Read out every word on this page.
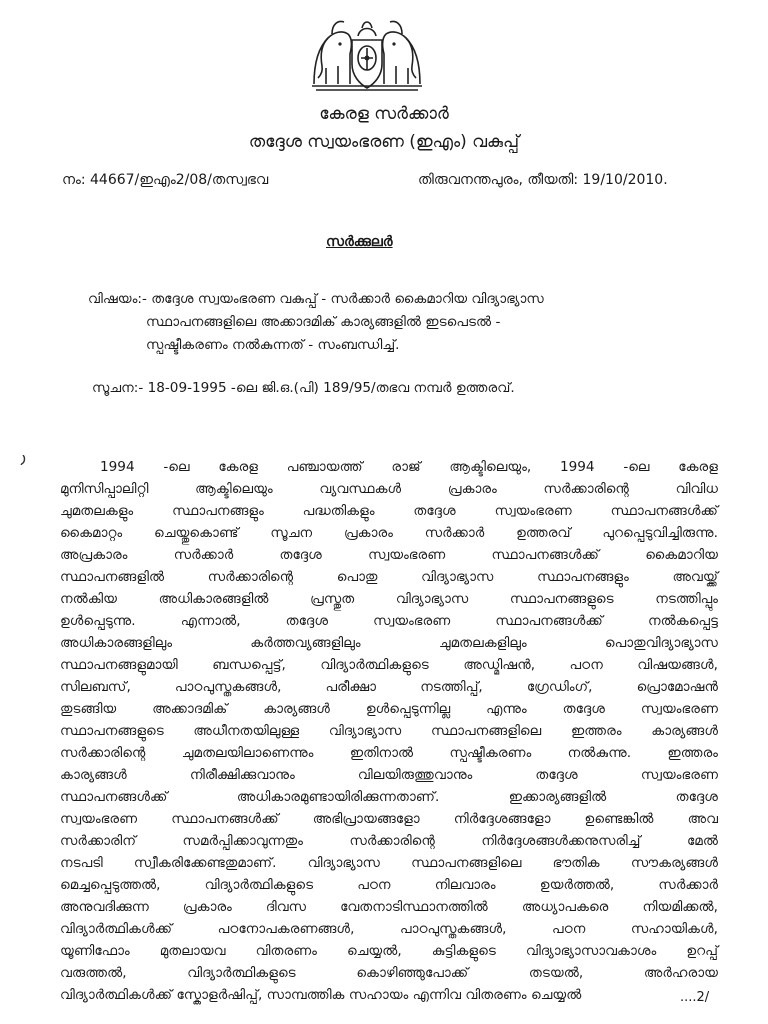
കേരള സർക്കാർ
തദ്ദേശ സ്വയംഭരണ (ഇഎം) വകുപ്പ്
നം: 44667/ഇഎം2/08/തസ്വഭവ	തിരുവനന്തപുരം, തീയതി: 19/10/2010.
സർക്കുലർ
വിഷയം:- തദ്ദേശ സ്വയംഭരണ വകുപ്പ് - സർക്കാർ കൈമാറിയ വിദ്യാഭ്യാസ
സ്ഥാപനങ്ങളിലെ അക്കാദമിക് കാര്യങ്ങളിൽ ഇടപെടൽ -
സ്പഷ്ടീകരണം നൽകുന്നത് - സംബന്ധിച്ച്.
സൂചന:- 18-09-1995 -ലെ ജി.ഒ.(പി) 189/95/തഭവ നമ്പർ ഉത്തരവ്.
1994 -ലെ കേരള പഞ്ചായത്ത് രാജ് ആക്ടിലെയും, 1994 -ലെ കേരള
മുനിസിപ്പാലിറ്റി ആക്ടിലെയും വ്യവസ്ഥകൾ പ്രകാരം സർക്കാരിന്റെ വിവിധ
ചുമതലകളും സ്ഥാപനങ്ങളും പദ്ധതികളും തദ്ദേശ സ്വയംഭരണ സ്ഥാപനങ്ങൾക്ക്
കൈമാറ്റം ചെയ്തുകൊണ്ട് സൂചന പ്രകാരം സർക്കാർ ഉത്തരവ് പുറപ്പെടുവിച്ചിരുന്നു.
അപ്രകാരം സർക്കാർ തദ്ദേശ സ്വയംഭരണ സ്ഥാപനങ്ങൾക്ക് കൈമാറിയ
സ്ഥാപനങ്ങളിൽ സർക്കാരിന്റെ പൊതു വിദ്യാഭ്യാസ സ്ഥാപനങ്ങളും അവയ്ക്ക്
നൽകിയ അധികാരങ്ങളിൽ പ്രസ്തുത വിദ്യാഭ്യാസ സ്ഥാപനങ്ങളുടെ നടത്തിപ്പും
ഉൾപ്പെടുന്നു. എന്നാൽ, തദ്ദേശ സ്വയംഭരണ സ്ഥാപനങ്ങൾക്ക് നൽകപ്പെട്ട
അധികാരങ്ങളിലും കർത്തവ്യങ്ങളിലും ചുമതലകളിലും പൊതുവിദ്യാഭ്യാസ
സ്ഥാപനങ്ങളുമായി ബന്ധപ്പെട്ട്, വിദ്യാർത്ഥികളുടെ അഡ്മിഷൻ, പഠന വിഷയങ്ങൾ,
സിലബസ്, പാഠപുസ്തകങ്ങൾ, പരീക്ഷാ നടത്തിപ്പ്, ഗ്രേഡിംഗ്, പ്രൊമോഷൻ
തുടങ്ങിയ അക്കാദമിക് കാര്യങ്ങൾ ഉൾപ്പെടുന്നില്ല എന്നും തദ്ദേശ സ്വയംഭരണ
സ്ഥാപനങ്ങളുടെ അധീനതയിലുള്ള വിദ്യാഭ്യാസ സ്ഥാപനങ്ങളിലെ ഇത്തരം കാര്യങ്ങൾ
സർക്കാരിന്റെ ചുമതലയിലാണെന്നും ഇതിനാൽ സ്പഷ്ടീകരണം നൽകുന്നു. ഇത്തരം
കാര്യങ്ങൾ നിരീക്ഷിക്കുവാനും വിലയിരുത്തുവാനും തദ്ദേശ സ്വയംഭരണ
സ്ഥാപനങ്ങൾക്ക് അധികാരമുണ്ടായിരിക്കുന്നതാണ്. ഇക്കാര്യങ്ങളിൽ തദ്ദേശ
സ്വയംഭരണ സ്ഥാപനങ്ങൾക്ക് അഭിപ്രായങ്ങളോ നിർദ്ദേശങ്ങളോ ഉണ്ടെങ്കിൽ അവ
സർക്കാരിന് സമർപ്പിക്കാവുന്നതും സർക്കാരിന്റെ നിർദ്ദേശങ്ങൾക്കനുസരിച്ച് മേൽ
നടപടി സ്വീകരിക്കേണ്ടതുമാണ്. വിദ്യാഭ്യാസ സ്ഥാപനങ്ങളിലെ ഭൗതിക സൗകര്യങ്ങൾ
മെച്ചപ്പെടുത്തൽ, വിദ്യാർത്ഥികളുടെ പഠന നിലവാരം ഉയർത്തൽ, സർക്കാർ
അനുവദിക്കുന്ന പ്രകാരം ദിവസ വേതനാടിസ്ഥാനത്തിൽ അധ്യാപകരെ നിയമിക്കൽ,
വിദ്യാർത്ഥികൾക്ക് പഠനോപകരണങ്ങൾ, പാഠപുസ്തകങ്ങൾ, പഠന സഹായികൾ,
യൂണിഫോം മുതലായവ വിതരണം ചെയ്യൽ, കുട്ടികളുടെ വിദ്യാഭ്യാസാവകാശം ഉറപ്പ്
വരുത്തൽ, വിദ്യാർത്ഥികളുടെ കൊഴിഞ്ഞുപോക്ക് തടയൽ, അർഹരായ
വിദ്യാർത്ഥികൾക്ക് സ്കോളർഷിപ്പ്, സാമ്പത്തിക സഹായം എന്നിവ വിതരണം ചെയ്യൽ	....2/
